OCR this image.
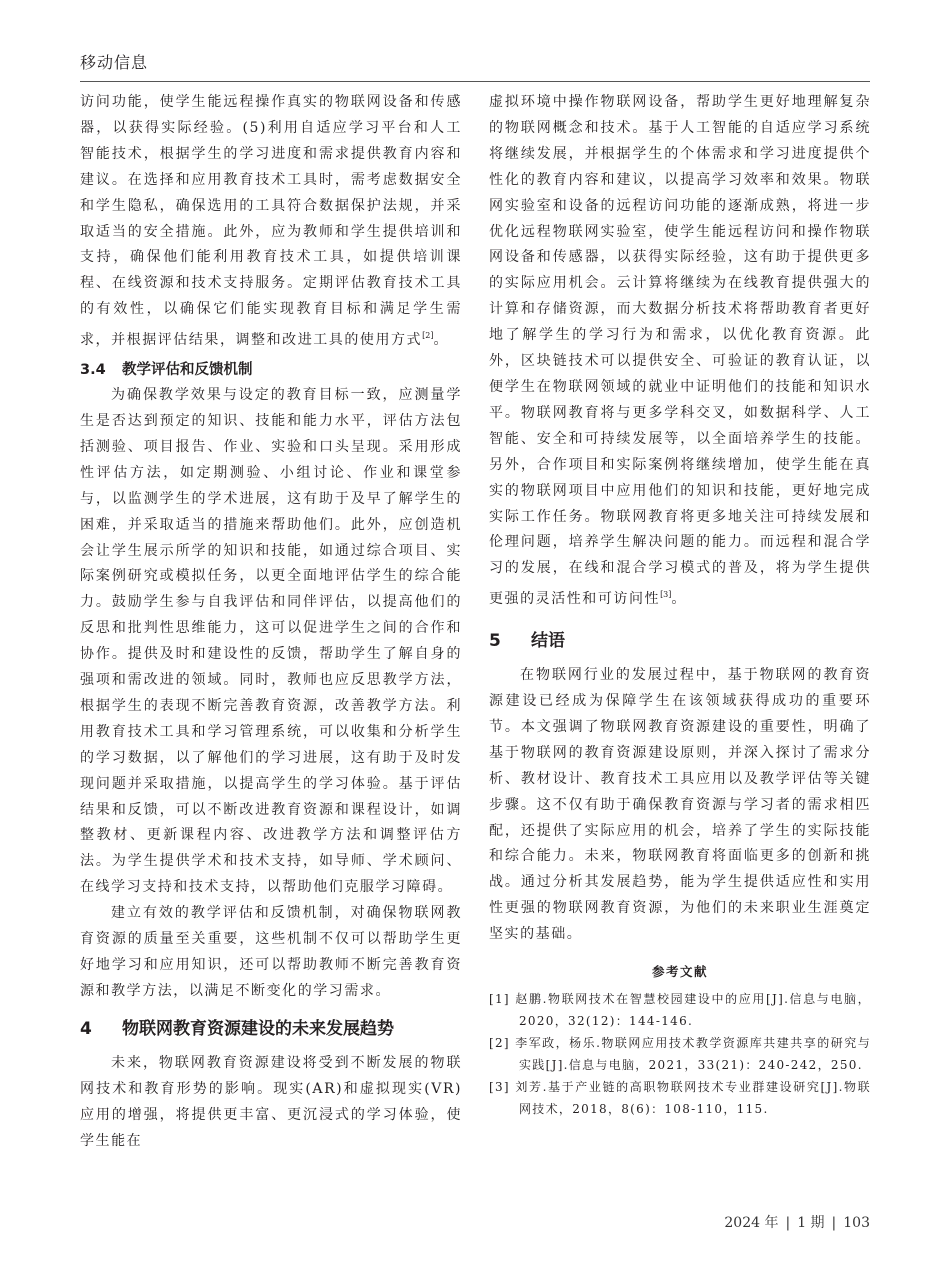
移动信息

访问功能，使学生能远程操作真实的物联网设备和传感器，以获得实际经验。(5)利用自适应学习平台和人工智能技术，根据学生的学习进度和需求提供教育内容和建议。在选择和应用教育技术工具时，需考虑数据安全和学生隐私，确保选用的工具符合数据保护法规，并采取适当的安全措施。此外，应为教师和学生提供培训和支持，确保他们能利用教育技术工具，如提供培训课程、在线资源和技术支持服务。定期评估教育技术工具的有效性，以确保它们能实现教育目标和满足学生需求，并根据评估结果，调整和改进工具的使用方式[2]。

3.4 教学评估和反馈机制

为确保教学效果与设定的教育目标一致，应测量学生是否达到预定的知识、技能和能力水平，评估方法包括测验、项目报告、作业、实验和口头呈现。采用形成性评估方法，如定期测验、小组讨论、作业和课堂参与，以监测学生的学术进展，这有助于及早了解学生的困难，并采取适当的措施来帮助他们。此外，应创造机会让学生展示所学的知识和技能，如通过综合项目、实际案例研究或模拟任务，以更全面地评估学生的综合能力。鼓励学生参与自我评估和同伴评估，以提高他们的反思和批判性思维能力，这可以促进学生之间的合作和协作。提供及时和建设性的反馈，帮助学生了解自身的强项和需改进的领域。同时，教师也应反思教学方法，根据学生的表现不断完善教育资源，改善教学方法。利用教育技术工具和学习管理系统，可以收集和分析学生的学习数据，以了解他们的学习进展，这有助于及时发现问题并采取措施，以提高学生的学习体验。基于评估结果和反馈，可以不断改进教育资源和课程设计，如调整教材、更新课程内容、改进教学方法和调整评估方法。为学生提供学术和技术支持，如导师、学术顾问、在线学习支持和技术支持，以帮助他们克服学习障碍。

建立有效的教学评估和反馈机制，对确保物联网教育资源的质量至关重要，这些机制不仅可以帮助学生更好地学习和应用知识，还可以帮助教师不断完善教育资源和教学方法，以满足不断变化的学习需求。

4 物联网教育资源建设的未来发展趋势

未来，物联网教育资源建设将受到不断发展的物联网技术和教育形势的影响。现实(AR)和虚拟现实(VR)应用的增强，将提供更丰富、更沉浸式的学习体验，使学生能在

虚拟环境中操作物联网设备，帮助学生更好地理解复杂的物联网概念和技术。基于人工智能的自适应学习系统将继续发展，并根据学生的个体需求和学习进度提供个性化的教育内容和建议，以提高学习效率和效果。物联网实验室和设备的远程访问功能的逐渐成熟，将进一步优化远程物联网实验室，使学生能远程访问和操作物联网设备和传感器，以获得实际经验，这有助于提供更多的实际应用机会。云计算将继续为在线教育提供强大的计算和存储资源，而大数据分析技术将帮助教育者更好地了解学生的学习行为和需求，以优化教育资源。此外，区块链技术可以提供安全、可验证的教育认证，以便学生在物联网领域的就业中证明他们的技能和知识水平。物联网教育将与更多学科交叉，如数据科学、人工智能、安全和可持续发展等，以全面培养学生的技能。另外，合作项目和实际案例将继续增加，使学生能在真实的物联网项目中应用他们的知识和技能，更好地完成实际工作任务。物联网教育将更多地关注可持续发展和伦理问题，培养学生解决问题的能力。而远程和混合学习的发展，在线和混合学习模式的普及，将为学生提供更强的灵活性和可访问性[3]。

5 结语

在物联网行业的发展过程中，基于物联网的教育资源建设已经成为保障学生在该领域获得成功的重要环节。本文强调了物联网教育资源建设的重要性，明确了基于物联网的教育资源建设原则，并深入探讨了需求分析、教材设计、教育技术工具应用以及教学评估等关键步骤。这不仅有助于确保教育资源与学习者的需求相匹配，还提供了实际应用的机会，培养了学生的实际技能和综合能力。未来，物联网教育将面临更多的创新和挑战。通过分析其发展趋势，能为学生提供适应性和实用性更强的物联网教育资源，为他们的未来职业生涯奠定坚实的基础。

参考文献

[1] 赵鹏.物联网技术在智慧校园建设中的应用[J].信息与电脑，2020，32(12)：144-146.

[2] 李军政，杨乐.物联网应用技术教学资源库共建共享的研究与实践[J].信息与电脑，2021，33(21)：240-242，250.

[3] 刘芳.基于产业链的高职物联网技术专业群建设研究[J].物联网技术，2018，8(6)：108-110，115.

2024 年 | 1 期 | 103
